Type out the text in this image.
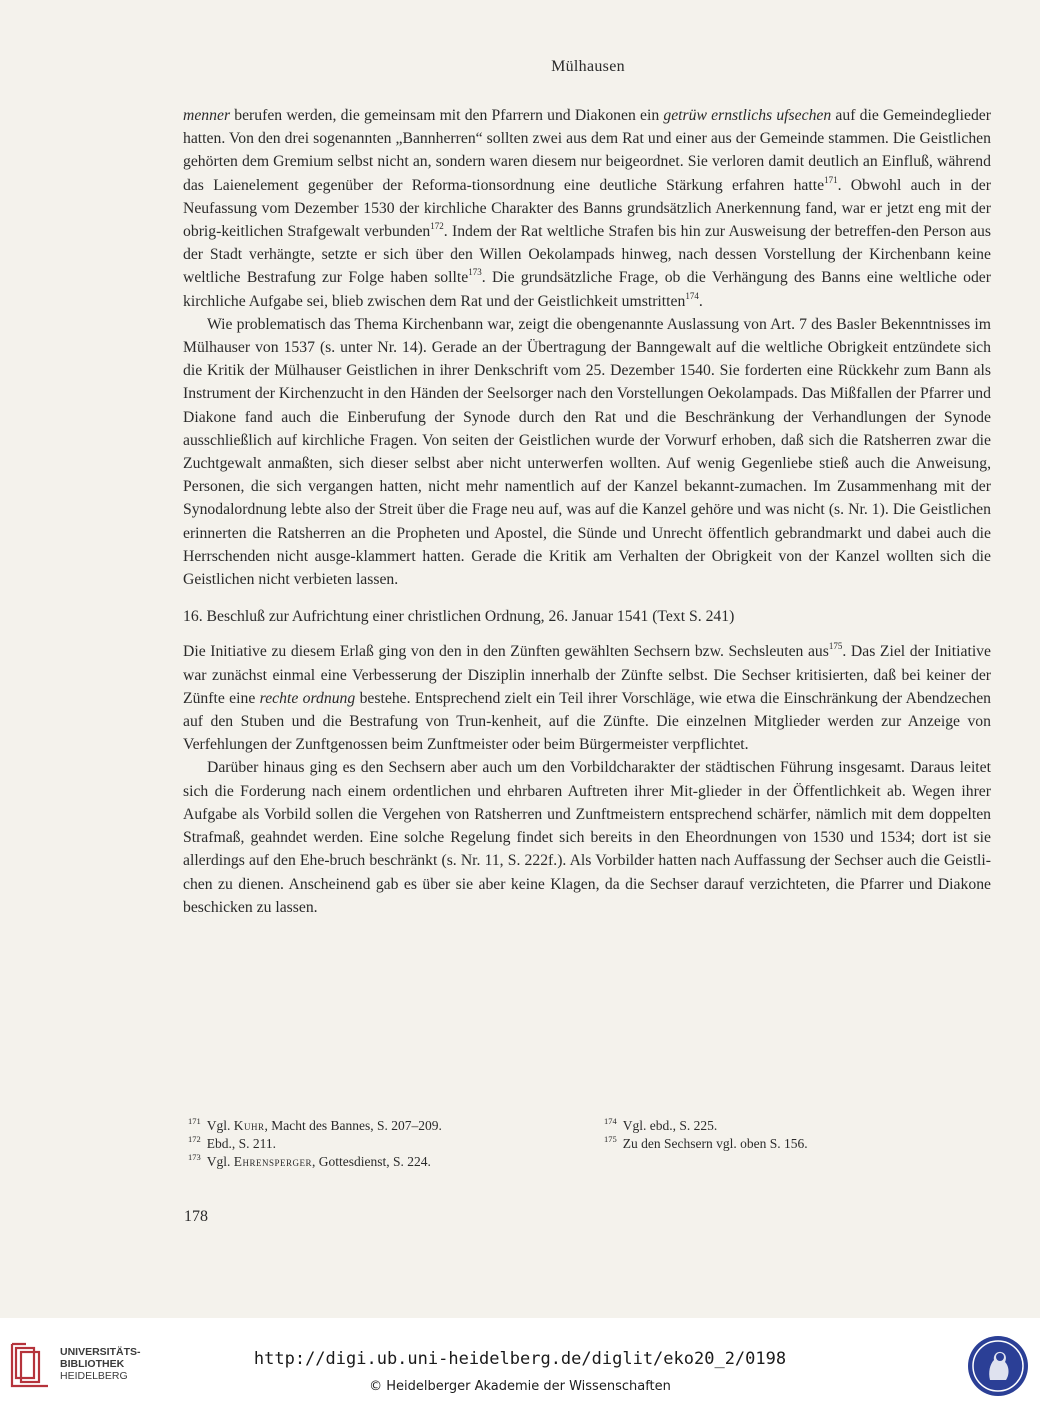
Mülhausen

menner berufen werden, die gemeinsam mit den Pfarrern und Diakonen ein getrüw ernstlichs ufsechen auf die Gemeindeglieder hatten. Von den drei sogenannten „Bannherren“ sollten zwei aus dem Rat und einer aus der Gemeinde stammen. Die Geistlichen gehörten dem Gremium selbst nicht an, sondern waren diesem nur beigeordnet. Sie verloren damit deutlich an Einfluß, während das Laienelement gegenüber der Reforma-tionsordnung eine deutliche Stärkung erfahren hatte$^{171}$. Obwohl auch in der Neufassung vom Dezember 1530 der kirchliche Charakter des Banns grundsätzlich Anerkennung fand, war er jetzt eng mit der obrig-keitlichen Strafgewalt verbunden$^{172}$. Indem der Rat weltliche Strafen bis hin zur Ausweisung der betreffen-den Person aus der Stadt verhängte, setzte er sich über den Willen Oekolampads hinweg, nach dessen Vorstellung der Kirchenbann keine weltliche Bestrafung zur Folge haben sollte$^{173}$. Die grundsätzliche Frage, ob die Verhängung des Banns eine weltliche oder kirchliche Aufgabe sei, blieb zwischen dem Rat und der Geistlichkeit umstritten$^{174}$.

Wie problematisch das Thema Kirchenbann war, zeigt die obengenannte Auslassung von Art. 7 des Basler Bekenntnisses im Mülhauser von 1537 (s. unter Nr. 14). Gerade an der Übertragung der Banngewalt auf die weltliche Obrigkeit entzündete sich die Kritik der Mülhauser Geistlichen in ihrer Denkschrift vom 25. Dezember 1540. Sie forderten eine Rückkehr zum Bann als Instrument der Kirchenzucht in den Händen der Seelsorger nach den Vorstellungen Oekolampads. Das Mißfallen der Pfarrer und Diakone fand auch die Einberufung der Synode durch den Rat und die Beschränkung der Verhandlungen der Synode ausschließlich auf kirchliche Fragen. Von seiten der Geistlichen wurde der Vorwurf erhoben, daß sich die Ratsherren zwar die Zuchtgewalt anmaßten, sich dieser selbst aber nicht unterwerfen wollten. Auf wenig Gegenliebe stieß auch die Anweisung, Personen, die sich vergangen hatten, nicht mehr namentlich auf der Kanzel bekannt-zumachen. Im Zusammenhang mit der Synodalordnung lebte also der Streit über die Frage neu auf, was auf die Kanzel gehöre und was nicht (s. Nr. 1). Die Geistlichen erinnerten die Ratsherren an die Propheten und Apostel, die Sünde und Unrecht öffentlich gebrandmarkt und dabei auch die Herrschenden nicht ausge-klammert hatten. Gerade die Kritik am Verhalten der Obrigkeit von der Kanzel wollten sich die Geistlichen nicht verbieten lassen.

16. Beschluß zur Aufrichtung einer christlichen Ordnung, 26. Januar 1541 (Text S. 241)

Die Initiative zu diesem Erlaß ging von den in den Zünften gewählten Sechsern bzw. Sechsleuten aus$^{175}$. Das Ziel der Initiative war zunächst einmal eine Verbesserung der Disziplin innerhalb der Zünfte selbst. Die Sechser kritisierten, daß bei keiner der Zünfte eine rechte ordnung bestehe. Entsprechend zielt ein Teil ihrer Vorschläge, wie etwa die Einschränkung der Abendzechen auf den Stuben und die Bestrafung von Trun-kenheit, auf die Zünfte. Die einzelnen Mitglieder werden zur Anzeige von Verfehlungen der Zunftgenossen beim Zunftmeister oder beim Bürgermeister verpflichtet.

Darüber hinaus ging es den Sechsern aber auch um den Vorbildcharakter der städtischen Führung insgesamt. Daraus leitet sich die Forderung nach einem ordentlichen und ehrbaren Auftreten ihrer Mit-glieder in der Öffentlichkeit ab. Wegen ihrer Aufgabe als Vorbild sollen die Vergehen von Ratsherren und Zunftmeistern entsprechend schärfer, nämlich mit dem doppelten Strafmaß, geahndet werden. Eine solche Regelung findet sich bereits in den Eheordnungen von 1530 und 1534; dort ist sie allerdings auf den Ehe-bruch beschränkt (s. Nr. 11, S. 222f.). Als Vorbilder hatten nach Auffassung der Sechser auch die Geistli-chen zu dienen. Anscheinend gab es über sie aber keine Klagen, da die Sechser darauf verzichteten, die Pfarrer und Diakone beschicken zu lassen.

$^{171}$ Vgl. Kuhr, Macht des Bannes, S. 207–209.
$^{172}$ Ebd., S. 211.
$^{173}$ Vgl. Ehrensperger, Gottesdienst, S. 224.
$^{174}$ Vgl. ebd., S. 225.
$^{175}$ Zu den Sechsern vgl. oben S. 156.
178
UNIVERSITÄTS-
BIBLIOTHEK
HEIDELBERG
http://digi.ub.uni-heidelberg.de/diglit/eko20_2/0198
© Heidelberger Akademie der Wissenschaften
